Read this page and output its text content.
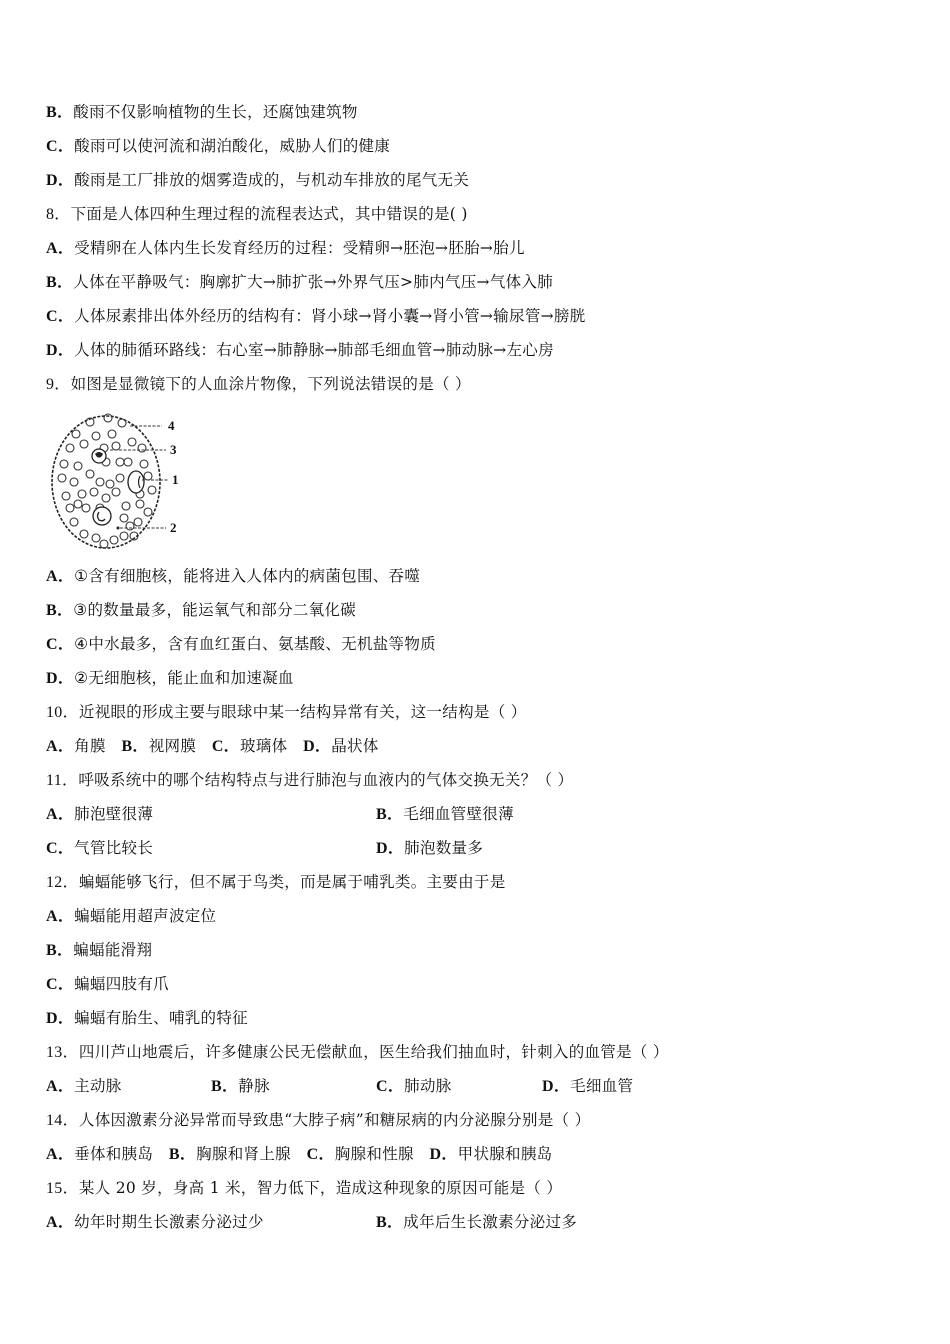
B．酸雨不仅影响植物的生长，还腐蚀建筑物
C．酸雨可以使河流和湖泊酸化，威胁人们的健康
D．酸雨是工厂排放的烟雾造成的，与机动车排放的尾气无关
8．下面是人体四种生理过程的流程表达式，其中错误的是( )
A．受精卵在人体内生长发育经历的过程：受精卵→胚泡→胚胎→胎儿
B．人体在平静吸气：胸廓扩大→肺扩张→外界气压>肺内气压→气体入肺
C．人体尿素排出体外经历的结构有：肾小球→肾小囊→肾小管→输尿管→膀胱
D．人体的肺循环路线：右心室→肺静脉→肺部毛细血管→肺动脉→左心房
9．如图是显微镜下的人血涂片物像，下列说法错误的是（ ）
4
3
1
2
A．①含有细胞核，能将进入人体内的病菌包围、吞噬
B．③的数量最多，能运氧气和部分二氧化碳
C．④中水最多，含有血红蛋白、氨基酸、无机盐等物质
D．②无细胞核，能止血和加速凝血
10．近视眼的形成主要与眼球中某一结构异常有关，这一结构是（ ）
A．角膜 B．视网膜 C．玻璃体 D．晶状体
11．呼吸系统中的哪个结构特点与进行肺泡与血液内的气体交换无关？（ ）
A．肺泡壁很薄	B．毛细血管壁很薄
C．气管比较长	D．肺泡数量多
12．蝙蝠能够飞行，但不属于鸟类，而是属于哺乳类。主要由于是
A．蝙蝠能用超声波定位
B．蝙蝠能滑翔
C．蝙蝠四肢有爪
D．蝙蝠有胎生、哺乳的特征
13．四川芦山地震后，许多健康公民无偿献血，医生给我们抽血时，针刺入的血管是（ ）
A．主动脉	B．静脉	C．肺动脉	D．毛细血管
14．人体因激素分泌异常而导致患“大脖子病”和糖尿病的内分泌腺分别是（ ）
A．垂体和胰岛 B．胸腺和肾上腺 C．胸腺和性腺 D．甲状腺和胰岛
15．某人 20 岁，身高 1 米，智力低下，造成这种现象的原因可能是（ ）
A．幼年时期生长激素分泌过少	B．成年后生长激素分泌过多
